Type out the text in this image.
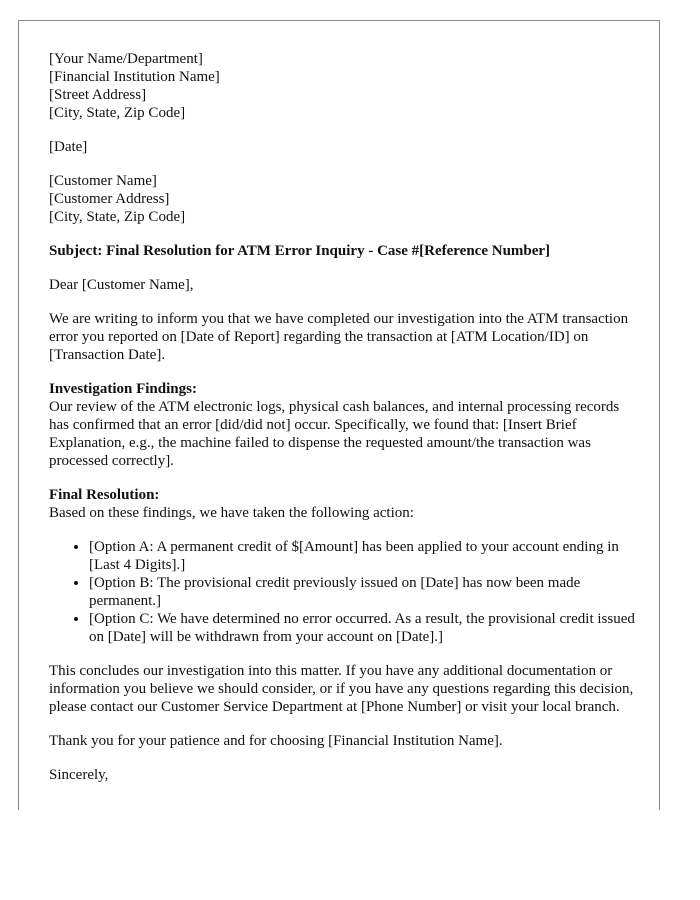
[Your Name/Department]
[Financial Institution Name]
[Street Address]
[City, State, Zip Code]
[Date]
[Customer Name]
[Customer Address]
[City, State, Zip Code]
Subject: Final Resolution for ATM Error Inquiry - Case #[Reference Number]
Dear [Customer Name],

We are writing to inform you that we have completed our investigation into the ATM transaction error you reported on [Date of Report] regarding the transaction at [ATM Location/ID] on [Transaction Date].

Investigation Findings:

Our review of the ATM electronic logs, physical cash balances, and internal processing records has confirmed that an error [did/did not] occur. Specifically, we found that: [Insert Brief Explanation, e.g., the machine failed to dispense the requested amount/the transaction was processed correctly].

Final Resolution:

Based on these findings, we have taken the following action:

• [Option A: A permanent credit of $[Amount] has been applied to your account ending in [Last 4 Digits].]
• [Option B: The provisional credit previously issued on [Date] has now been made permanent.]
• [Option C: We have determined no error occurred. As a result, the provisional credit issued on [Date] will be withdrawn from your account on [Date].]

This concludes our investigation into this matter. If you have any additional documentation or information you believe we should consider, or if you have any questions regarding this decision, please contact our Customer Service Department at [Phone Number] or visit your local branch.

Thank you for your patience and for choosing [Financial Institution Name].

Sincerely,
